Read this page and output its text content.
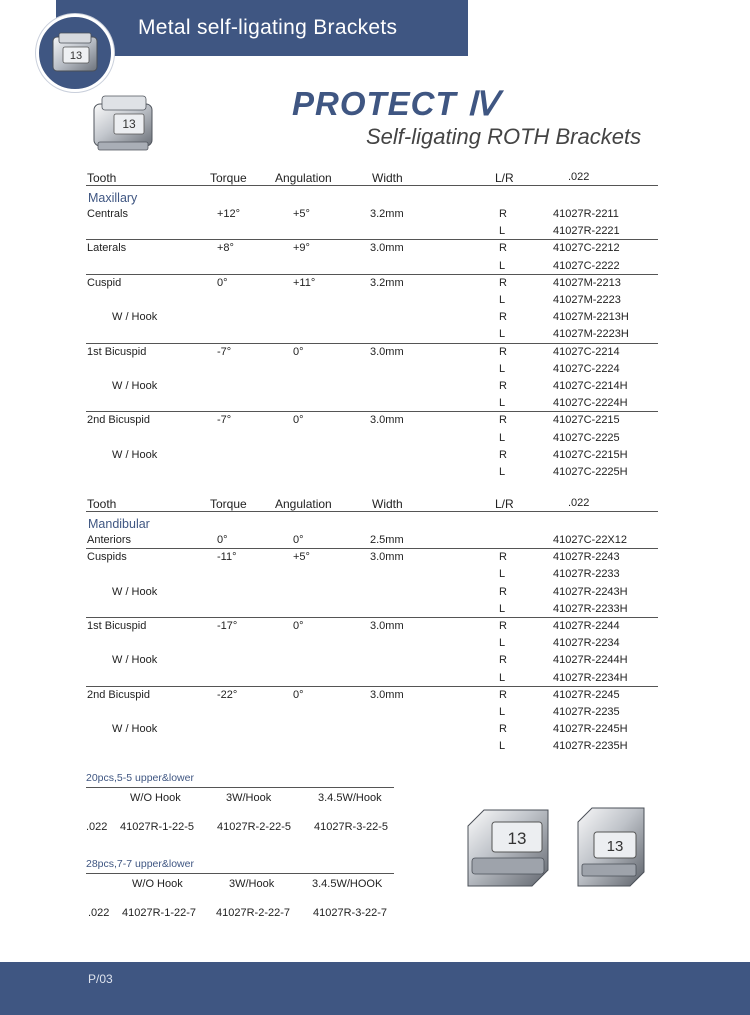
Metal self-ligating Brackets
13
13
PROTECT Ⅳ
Self-ligating ROTH Brackets
Tooth	Torque Angulation	Width	L/R	.022
Maxillary
Centrals	+12°	+5°	3.2mm	R	41027R-2211
L	41027R-2221
Laterals	+8°	+9°	3.0mm	R	41027C-2212
L	41027C-2222
Cuspid	0°	+11°	3.2mm	R	41027M-2213
L	41027M-2223
W / Hook	R	41027M-2213H
L	41027M-2223H
1st Bicuspid	-7°	0°	3.0mm	R	41027C-2214
L	41027C-2224
W / Hook	R	41027C-2214H
L	41027C-2224H
2nd Bicuspid	-7°	0°	3.0mm	R	41027C-2215
L	41027C-2225
W / Hook	R	41027C-2215H
L	41027C-2225H
Tooth	Torque Angulation	Width	L/R	.022
Mandibular
Anteriors	0°	0°	2.5mm	41027C-22X12
Cuspids	-11°	+5°	3.0mm	R	41027R-2243
L	41027R-2233
W / Hook	R	41027R-2243H
L	41027R-2233H
1st Bicuspid	-17°	0°	3.0mm	R	41027R-2244
L	41027R-2234
W / Hook	R	41027R-2244H
L	41027R-2234H
2nd Bicuspid	-22°	0°	3.0mm	R	41027R-2245
L	41027R-2235
W / Hook	R	41027R-2245H
L	41027R-2235H
20pcs,5-5 upper&lower
W/O Hook	3W/Hook	3.4.5W/Hook
.022 41027R-1-22-5 41027R-2-22-5 41027R-3-22-5
28pcs,7-7 upper&lower
W/O Hook	3W/Hook	3.4.5W/HOOK
.022 41027R-1-22-7 41027R-2-22-7 41027R-3-22-7
13	13
P/03
